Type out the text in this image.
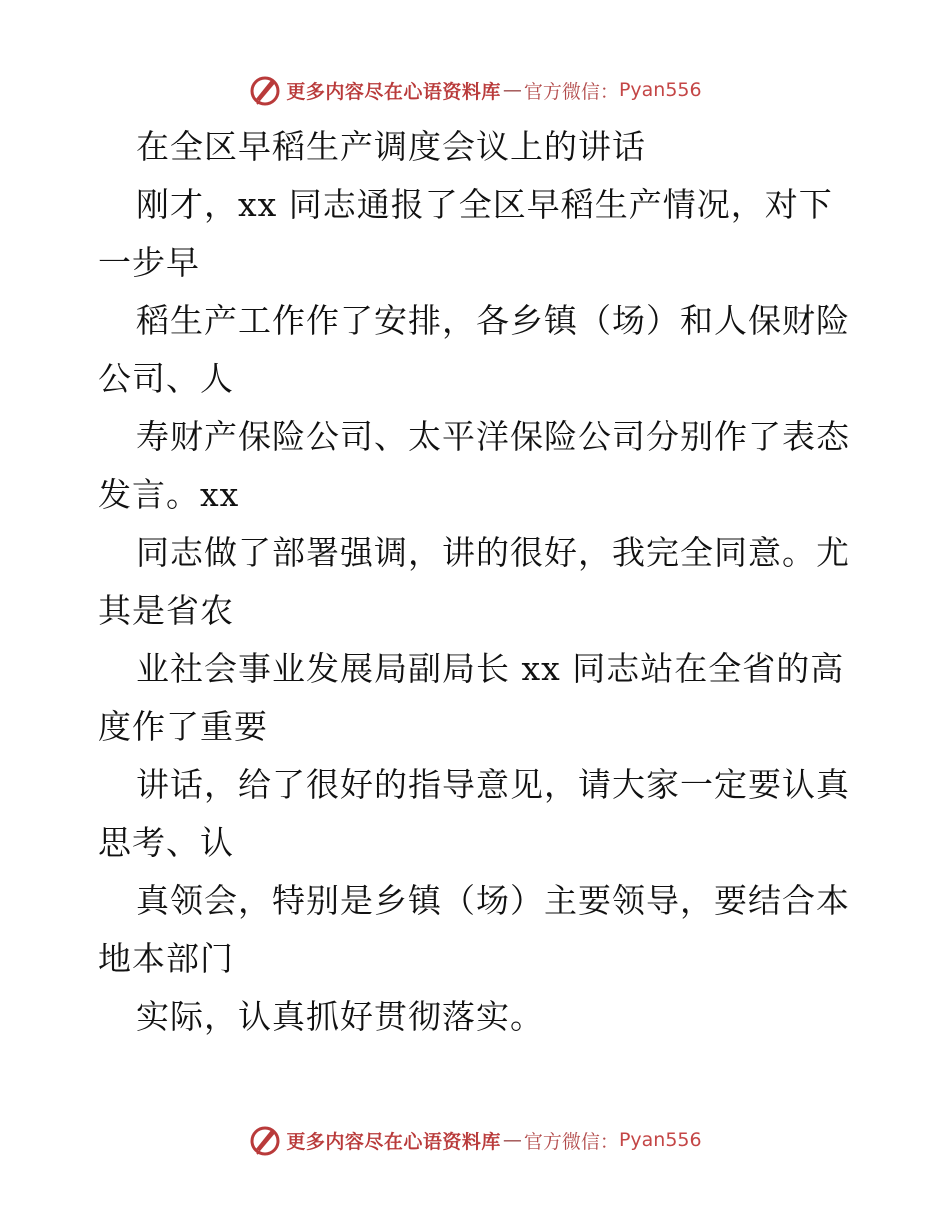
更多内容尽在心语资料库 — 官方微信： Pyan556
在全区早稻生产调度会议上的讲话
刚才，xx 同志通报了全区早稻生产情况，对下
一步早
稻生产工作作了安排，各乡镇（场）和人保财险
公司、人
寿财产保险公司、太平洋保险公司分别作了表态
发言。xx
同志做了部署强调，讲的很好，我完全同意。尤
其是省农
业社会事业发展局副局长 xx 同志站在全省的高
度作了重要
讲话，给了很好的指导意见，请大家一定要认真
思考、认
真领会，特别是乡镇（场）主要领导，要结合本
地本部门
实际，认真抓好贯彻落实。
更多内容尽在心语资料库 — 官方微信： Pyan556
